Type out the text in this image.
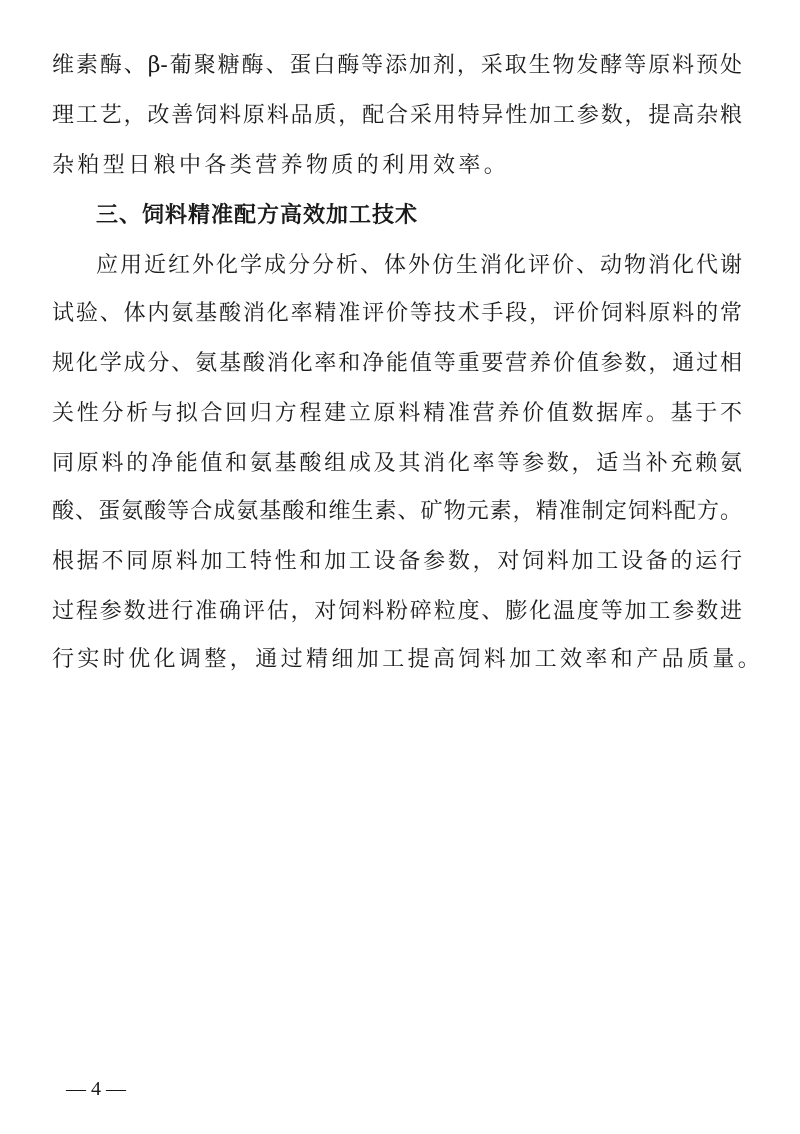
维素酶、β-葡聚糖酶、蛋白酶等添加剂，采取生物发酵等原料预处
理工艺，改善饲料原料品质，配合采用特异性加工参数，提高杂粮
杂粕型日粮中各类营养物质的利用效率。
三、饲料精准配方高效加工技术
应用近红外化学成分分析、体外仿生消化评价、动物消化代谢
试验、体内氨基酸消化率精准评价等技术手段，评价饲料原料的常
规化学成分、氨基酸消化率和净能值等重要营养价值参数，通过相
关性分析与拟合回归方程建立原料精准营养价值数据库。基于不
同原料的净能值和氨基酸组成及其消化率等参数，适当补充赖氨
酸、蛋氨酸等合成氨基酸和维生素、矿物元素，精准制定饲料配方。
根据不同原料加工特性和加工设备参数，对饲料加工设备的运行
过程参数进行准确评估，对饲料粉碎粒度、膨化温度等加工参数进
行实时优化调整，通过精细加工提高饲料加工效率和产品质量。
— 4 —
